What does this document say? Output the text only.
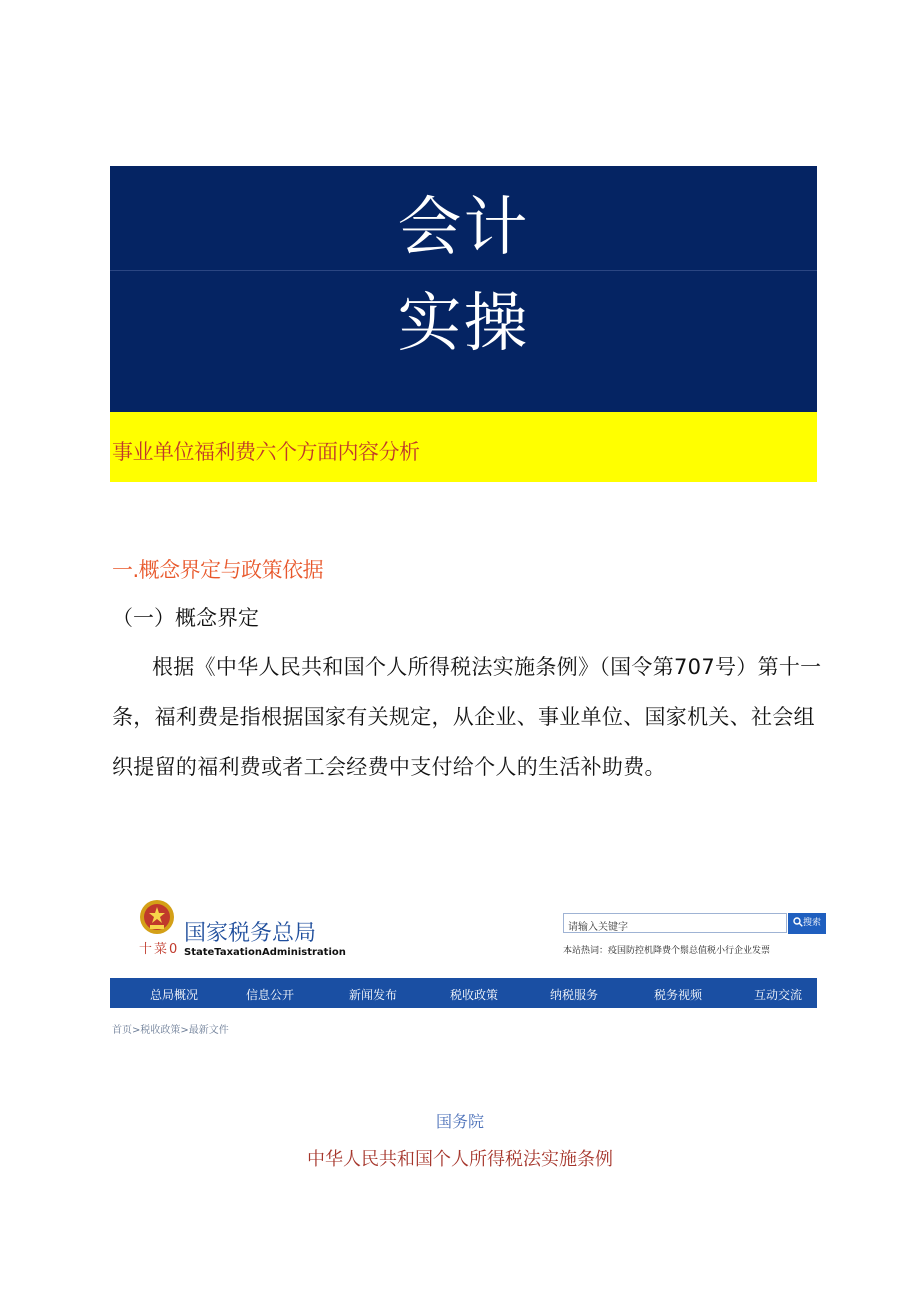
会计
实操
事业单位福利费六个方面内容分析
一.概念界定与政策依据
（一）概念界定
根据《中华人民共和国个人所得税法实施条例》（国令第707号）第十一条，福利费是指根据国家有关规定，从企业、事业单位、国家机关、社会组织提留的福利费或者工会经费中支付给个人的生活补助费。
十菜0
国家税务总局
StateTaxationAdministration
请输入关键字	搜索
本站热词：疫国防控机降费个鬃总值税小行企业发票
总局概况	信息公开	新闻发布	税收政策	纳税服务	税务视频	互动交流
首页>税收政策>最新文件
国务院
中华人民共和国个人所得税法实施条例
